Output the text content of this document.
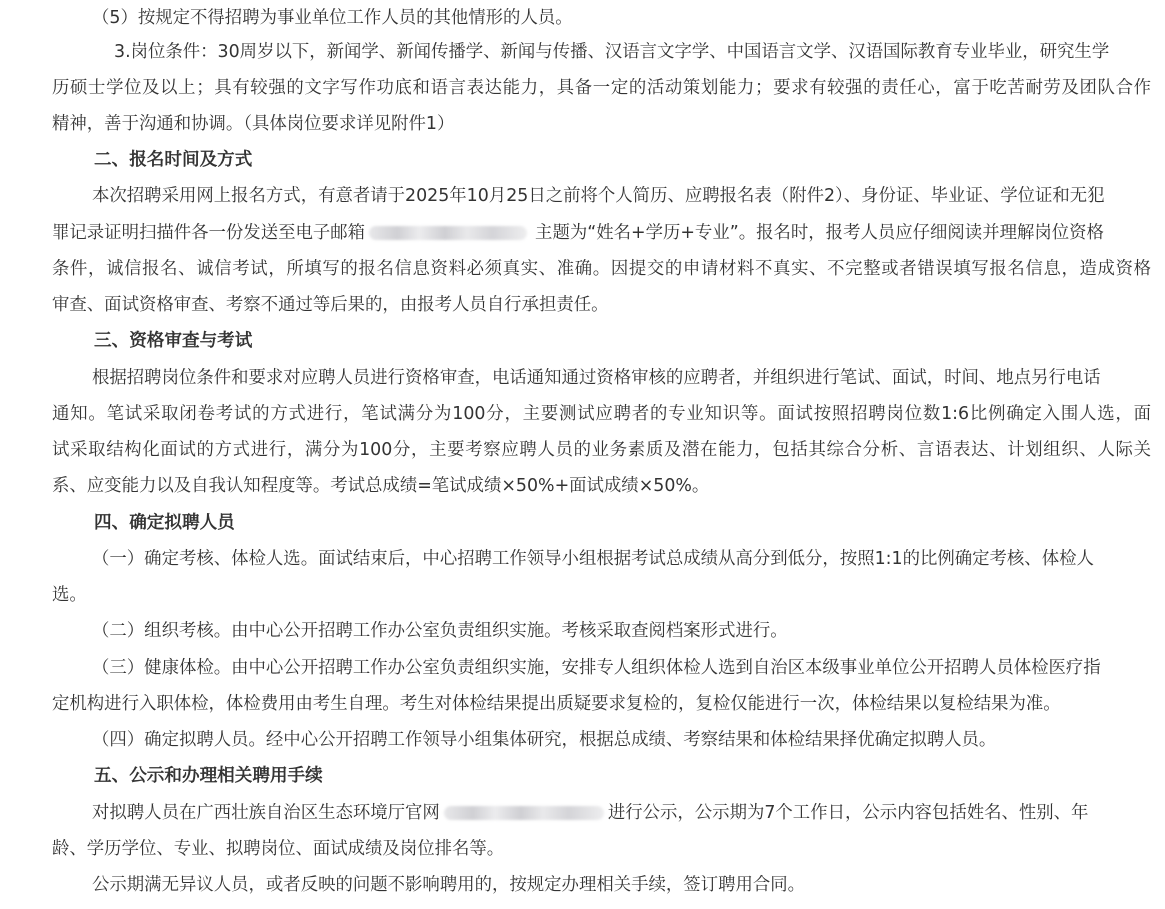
（5）按规定不得招聘为事业单位工作人员的其他情形的人员。
3.岗位条件：30周岁以下，新闻学、新闻传播学、新闻与传播、汉语言文字学、中国语言文学、汉语国际教育专业毕业，研究生学
历硕士学位及以上；具有较强的文字写作功底和语言表达能力，具备一定的活动策划能力；要求有较强的责任心，富于吃苦耐劳及团队合作
精神，善于沟通和协调。（具体岗位要求详见附件1）
二、报名时间及方式
本次招聘采用网上报名方式，有意者请于2025年10月25日之前将个人简历、应聘报名表（附件2）、身份证、毕业证、学位证和无犯
罪记录证明扫描件各一份发送至电子邮箱	主题为“姓名+学历+专业”。报名时，报考人员应仔细阅读并理解岗位资格
条件，诚信报名、诚信考试，所填写的报名信息资料必须真实、准确。因提交的申请材料不真实、不完整或者错误填写报名信息，造成资格
审查、面试资格审查、考察不通过等后果的，由报考人员自行承担责任。
三、资格审查与考试
根据招聘岗位条件和要求对应聘人员进行资格审查，电话通知通过资格审核的应聘者，并组织进行笔试、面试，时间、地点另行电话
通知。笔试采取闭卷考试的方式进行，笔试满分为100分，主要测试应聘者的专业知识等。面试按照招聘岗位数1:6比例确定入围人选，面
试采取结构化面试的方式进行，满分为100分，主要考察应聘人员的业务素质及潜在能力，包括其综合分析、言语表达、计划组织、人际关
系、应变能力以及自我认知程度等。考试总成绩=笔试成绩×50%+面试成绩×50%。
四、确定拟聘人员
（一）确定考核、体检人选。面试结束后，中心招聘工作领导小组根据考试总成绩从高分到低分，按照1:1的比例确定考核、体检人
选。
（二）组织考核。由中心公开招聘工作办公室负责组织实施。考核采取查阅档案形式进行。
（三）健康体检。由中心公开招聘工作办公室负责组织实施，安排专人组织体检人选到自治区本级事业单位公开招聘人员体检医疗指
定机构进行入职体检，体检费用由考生自理。考生对体检结果提出质疑要求复检的，复检仅能进行一次，体检结果以复检结果为准。
（四）确定拟聘人员。经中心公开招聘工作领导小组集体研究，根据总成绩、考察结果和体检结果择优确定拟聘人员。
五、公示和办理相关聘用手续
对拟聘人员在广西壮族自治区生态环境厅官网	进行公示，公示期为7个工作日，公示内容包括姓名、性别、年
龄、学历学位、专业、拟聘岗位、面试成绩及岗位排名等。
公示期满无异议人员，或者反映的问题不影响聘用的，按规定办理相关手续，签订聘用合同。
